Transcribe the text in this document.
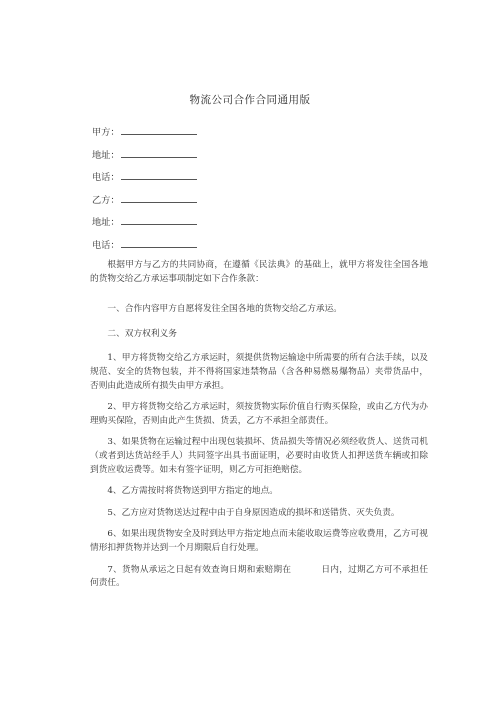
物流公司合作合同通用版
甲方：
地址：
电话：
乙方：
地址：
电话：

根据甲方与乙方的共同协商，在遵循《民法典》的基础上，就甲方将发往全国各地的货物交给乙方承运事项制定如下合作条款：

一、合作内容甲方自愿将发往全国各地的货物交给乙方承运。

二、双方权利义务

1、甲方将货物交给乙方承运时，须提供货物运输途中所需要的所有合法手续，以及规范、安全的货物包装，并不得将国家违禁物品（含各种易燃易爆物品）夹带货品中，否则由此造成所有损失由甲方承担。

2、甲方将货物交给乙方承运时，须按货物实际价值自行购买保险，或由乙方代为办理购买保险，否则由此产生货损、货丢，乙方不承担全部责任。

3、如果货物在运输过程中出现包装损坏、货品损失等情况必须经收货人、送货司机（或者到达货站经手人）共同签字出具书面证明，必要时由收货人扣押送货车辆或扣除到货应收运费等。如未有签字证明，则乙方可拒绝赔偿。

4、乙方需按时将货物送到甲方指定的地点。

5、乙方应对货物送达过程中由于自身原因造成的损坏和送错货、灭失负责。

6、如果出现货物安全及时到达甲方指定地点而未能收取运费等应收费用，乙方可视情形扣押货物并达到一个月期限后自行处理。

7、货物从承运之日起有效查询日期和索赔期在	日内，过期乙方可不承担任何责任。
